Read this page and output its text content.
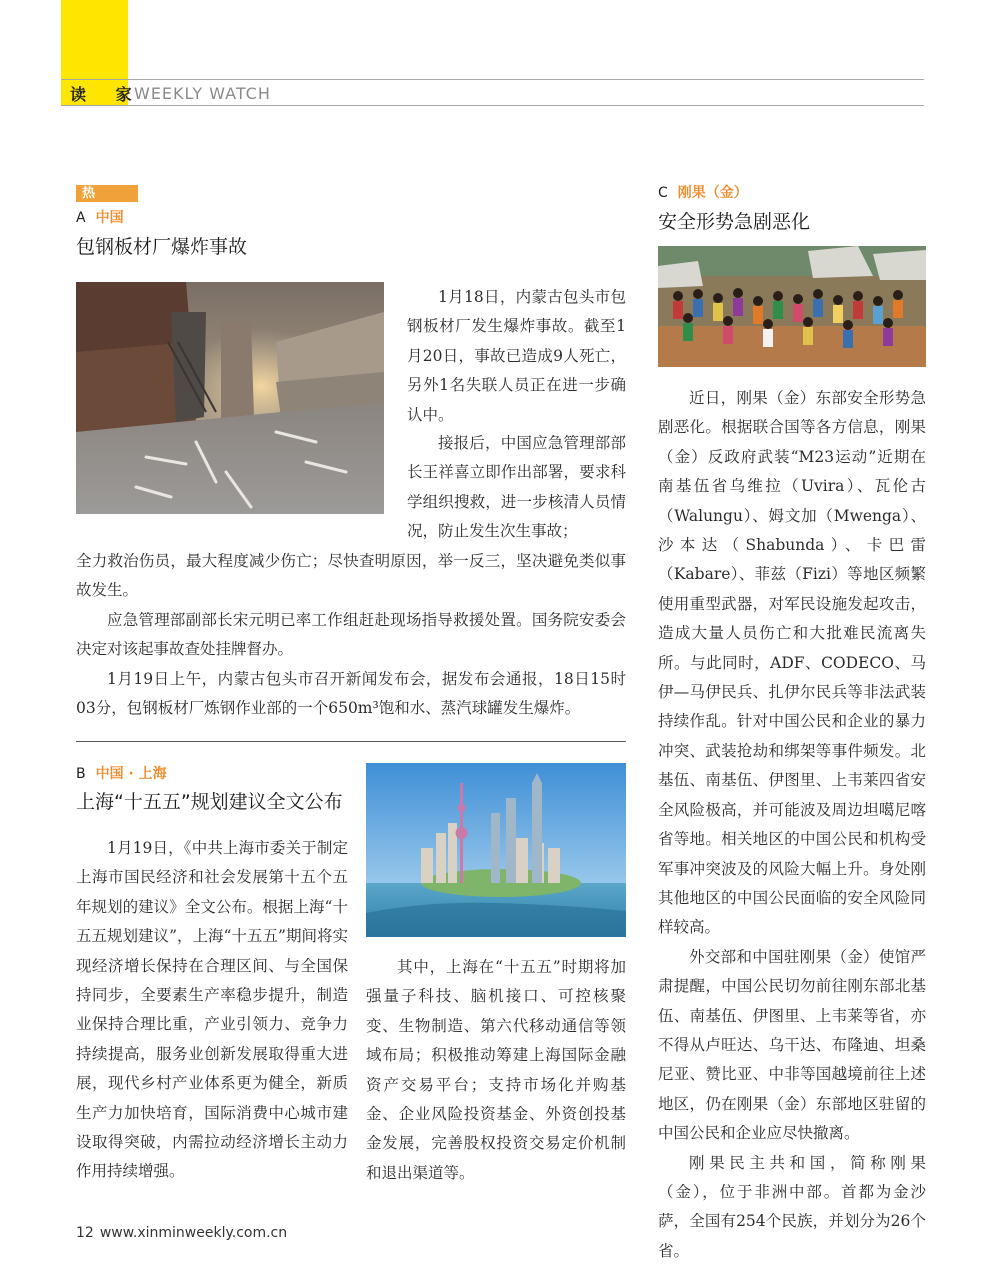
读 家
WEEKLY WATCH
热 点
A 中国
包钢板材厂爆炸事故

1月18日，内蒙古包头市包钢板材厂发生爆炸事故。截至1月20日，事故已造成9人死亡，另外1名失联人员正在进一步确认中。

接报后，中国应急管理部部长王祥喜立即作出部署，要求科学组织搜救，进一步核清人员情况，防止发生次生事故；

全力救治伤员，最大程度减少伤亡；尽快查明原因，举一反三，坚决避免类似事故发生。

应急管理部副部长宋元明已率工作组赶赴现场指导救援处置。国务院安委会决定对该起事故查处挂牌督办。

1月19日上午，内蒙古包头市召开新闻发布会，据发布会通报，18日15时03分，包钢板材厂炼钢作业部的一个650m³饱和水、蒸汽球罐发生爆炸。

B 中国 · 上海
上海“十五五”规划建议全文公布

1月19日，《中共上海市委关于制定上海市国民经济和社会发展第十五个五年规划的建议》全文公布。根据上海“十五五规划建议”，上海“十五五”期间将实现经济增长保持在合理区间、与全国保持同步，全要素生产率稳步提升，制造业保持合理比重，产业引领力、竞争力持续提高，服务业创新发展取得重大进展，现代乡村产业体系更为健全，新质生产力加快培育，国际消费中心城市建设取得突破，内需拉动经济增长主动力作用持续增强。

其中，上海在“十五五”时期将加强量子科技、脑机接口、可控核聚变、生物制造、第六代移动通信等领域布局；积极推动筹建上海国际金融资产交易平台；支持市场化并购基金、企业风险投资基金、外资创投基金发展，完善股权投资交易定价机制和退出渠道等。

C 刚果（金）
安全形势急剧恶化

近日，刚果（金）东部安全形势急剧恶化。根据联合国等各方信息，刚果（金）反政府武装“M23运动”近期在南基伍省乌维拉（Uvira）、瓦伦古（Walungu）、姆文加（Mwenga）、沙本达（Shabunda）、卡巴雷（Kabare）、菲兹（Fizi）等地区频繁使用重型武器，对军民设施发起攻击，造成大量人员伤亡和大批难民流离失所。与此同时，ADF、CODECO、马伊—马伊民兵、扎伊尔民兵等非法武装持续作乱。针对中国公民和企业的暴力冲突、武装抢劫和绑架等事件频发。北基伍、南基伍、伊图里、上韦莱四省安全风险极高，并可能波及周边坦噶尼喀省等地。相关地区的中国公民和机构受军事冲突波及的风险大幅上升。身处刚其他地区的中国公民面临的安全风险同样较高。

外交部和中国驻刚果（金）使馆严肃提醒，中国公民切勿前往刚东部北基伍、南基伍、伊图里、上韦莱等省，亦不得从卢旺达、乌干达、布隆迪、坦桑尼亚、赞比亚、中非等国越境前往上述地区，仍在刚果（金）东部地区驻留的中国公民和企业应尽快撤离。

刚果民主共和国，简称刚果（金），位于非洲中部。首都为金沙萨，全国有254个民族，并划分为26个省。

12 www.xinminweekly.com.cn
